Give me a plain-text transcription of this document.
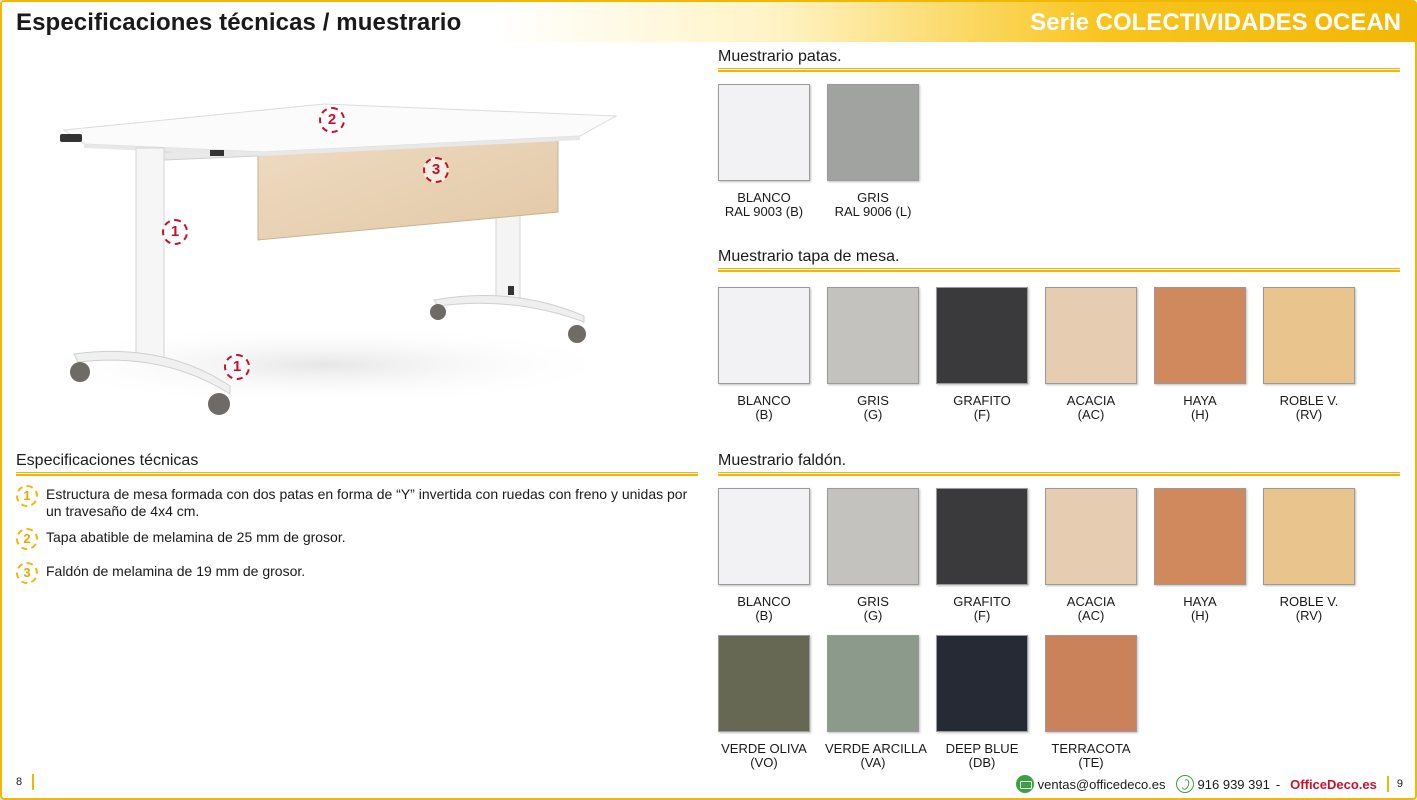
Especificaciones técnicas / muestrario	Serie COLECTIVIDADES OCEAN
2
3
1
1
Especificaciones técnicas
1	Estructura de mesa formada con dos patas en forma de “Y” invertida con ruedas con freno y unidas por un travesaño de 4x4 cm.
2	Tapa abatible de melamina de 25 mm de grosor.
3	Faldón de melamina de 19 mm de grosor.
Muestrario patas.
BLANCO
RAL 9003 (B)
GRIS
RAL 9006 (L)
Muestrario tapa de mesa.
BLANCO
(B)
GRIS
(G)
GRAFITO
(F)
ACACIA
(AC)
HAYA
(H)
ROBLE V.
(RV)
Muestrario faldón.
BLANCO
(B)
GRIS
(G)
GRAFITO
(F)
ACACIA
(AC)
HAYA
(H)
ROBLE V.
(RV)
VERDE OLIVA
(VO)
VERDE ARCILLA
(VA)
DEEP BLUE
(DB)
TERRACOTA
(TE)
8	ventas@officedeco.es 916 939 391 - OfficeDeco.es 9
